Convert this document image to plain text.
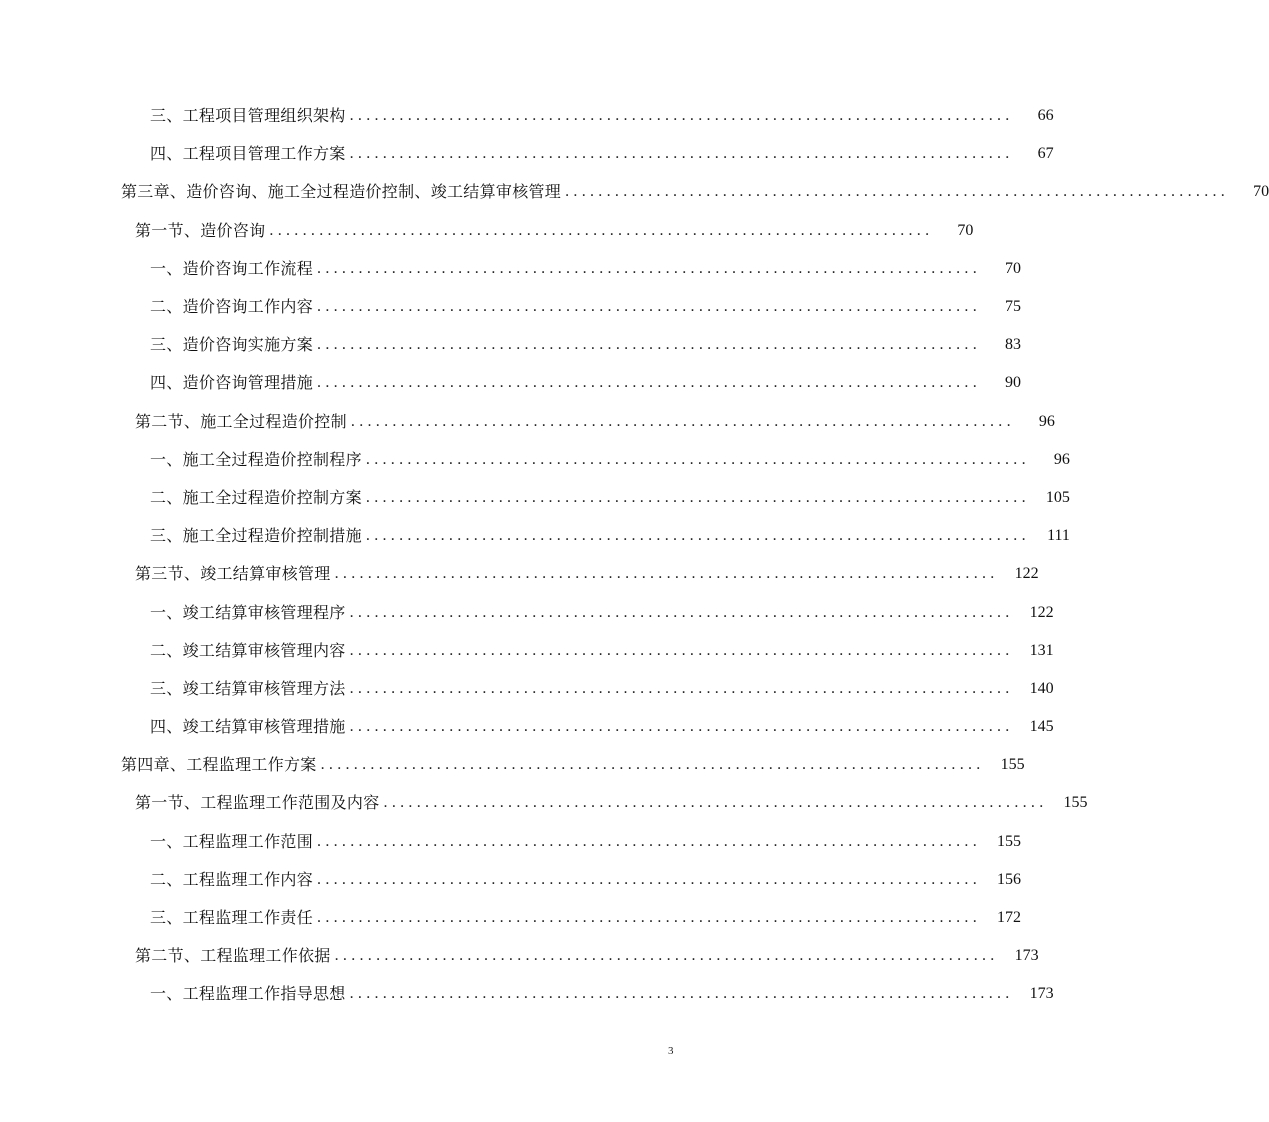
三、工程项目管理组织架构 ................................................................................	66
四、工程项目管理工作方案 ................................................................................	67
第三章、造价咨询、施工全过程造价控制、竣工结算审核管理 ................................................................................	70
第一节、造价咨询 ................................................................................	70
一、造价咨询工作流程 ................................................................................	70
二、造价咨询工作内容 ................................................................................	75
三、造价咨询实施方案 ................................................................................	83
四、造价咨询管理措施 ................................................................................	90
第二节、施工全过程造价控制 ................................................................................	96
一、施工全过程造价控制程序 ................................................................................	96
二、施工全过程造价控制方案 ................................................................................	105
三、施工全过程造价控制措施 ................................................................................	111
第三节、竣工结算审核管理 ................................................................................	122
一、竣工结算审核管理程序 ................................................................................	122
二、竣工结算审核管理内容 ................................................................................	131
三、竣工结算审核管理方法 ................................................................................	140
四、竣工结算审核管理措施 ................................................................................	145
第四章、工程监理工作方案 ................................................................................	155
第一节、工程监理工作范围及内容 ................................................................................	155
一、工程监理工作范围 ................................................................................	155
二、工程监理工作内容 ................................................................................	156
三、工程监理工作责任 ................................................................................	172
第二节、工程监理工作依据 ................................................................................	173
一、工程监理工作指导思想 ................................................................................	173
3
